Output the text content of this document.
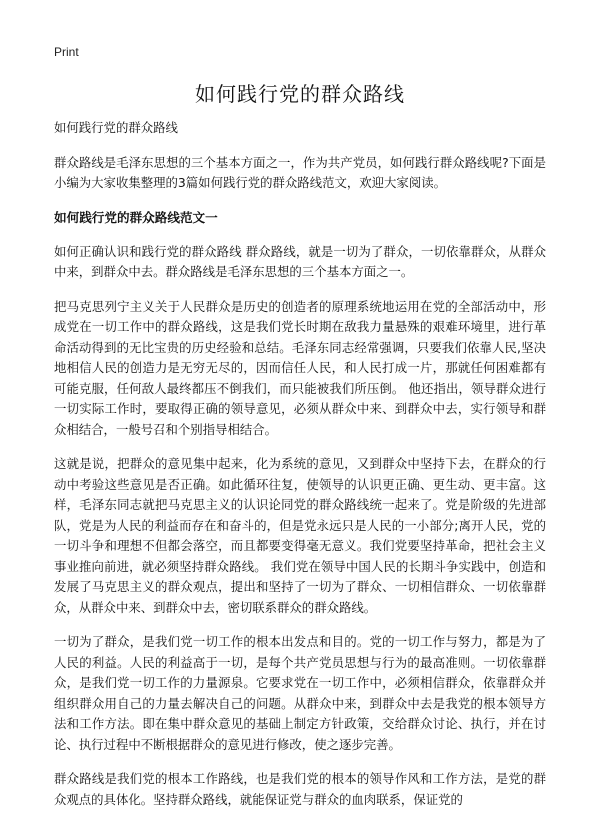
Print
如何践行党的群众路线

如何践行党的群众路线

群众路线是毛泽东思想的三个基本方面之一，作为共产党员，如何践行群众路线呢?下面是小编为大家收集整理的3篇如何践行党的群众路线范文，欢迎大家阅读。

如何践行党的群众路线范文一

如何正确认识和践行党的群众路线 群众路线，就是一切为了群众，一切依靠群众，从群众中来，到群众中去。群众路线是毛泽东思想的三个基本方面之一。

把马克思列宁主义关于人民群众是历史的创造者的原理系统地运用在党的全部活动中，形成党在一切工作中的群众路线，这是我们党长时期在敌我力量悬殊的艰难环境里，进行革命活动得到的无比宝贵的历史经验和总结。毛泽东同志经常强调，只要我们依靠人民,坚决地相信人民的创造力是无穷无尽的，因而信任人民，和人民打成一片，那就任何困难都有可能克服，任何敌人最终都压不倒我们，而只能被我们所压倒。 他还指出，领导群众进行一切实际工作时，要取得正确的领导意见，必须从群众中来、到群众中去，实行领导和群众相结合，一般号召和个别指导相结合。

这就是说，把群众的意见集中起来，化为系统的意见，又到群众中坚持下去，在群众的行动中考验这些意见是否正确。如此循环往复，使领导的认识更正确、更生动、更丰富。这样，毛泽东同志就把马克思主义的认识论同党的群众路线统一起来了。党是阶级的先进部队，党是为人民的利益而存在和奋斗的，但是党永远只是人民的一小部分;离开人民，党的一切斗争和理想不但都会落空，而且都要变得毫无意义。我们党要坚持革命，把社会主义事业推向前进，就必须坚持群众路线。 我们党在领导中国人民的长期斗争实践中，创造和发展了马克思主义的群众观点，提出和坚持了一切为了群众、一切相信群众、一切依靠群众，从群众中来、到群众中去，密切联系群众的群众路线。

一切为了群众，是我们党一切工作的根本出发点和目的。党的一切工作与努力，都是为了人民的利益。人民的利益高于一切，是每个共产党员思想与行为的最高准则。一切依靠群众，是我们党一切工作的力量源泉。它要求党在一切工作中，必须相信群众，依靠群众并组织群众用自己的力量去解决自己的问题。从群众中来，到群众中去是我党的根本领导方法和工作方法。即在集中群众意见的基础上制定方针政策，交给群众讨论、执行，并在讨论、执行过程中不断根据群众的意见进行修改，使之逐步完善。

群众路线是我们党的根本工作路线，也是我们党的根本的领导作风和工作方法，是党的群众观点的具体化。坚持群众路线，就能保证党与群众的血肉联系，保证党的
